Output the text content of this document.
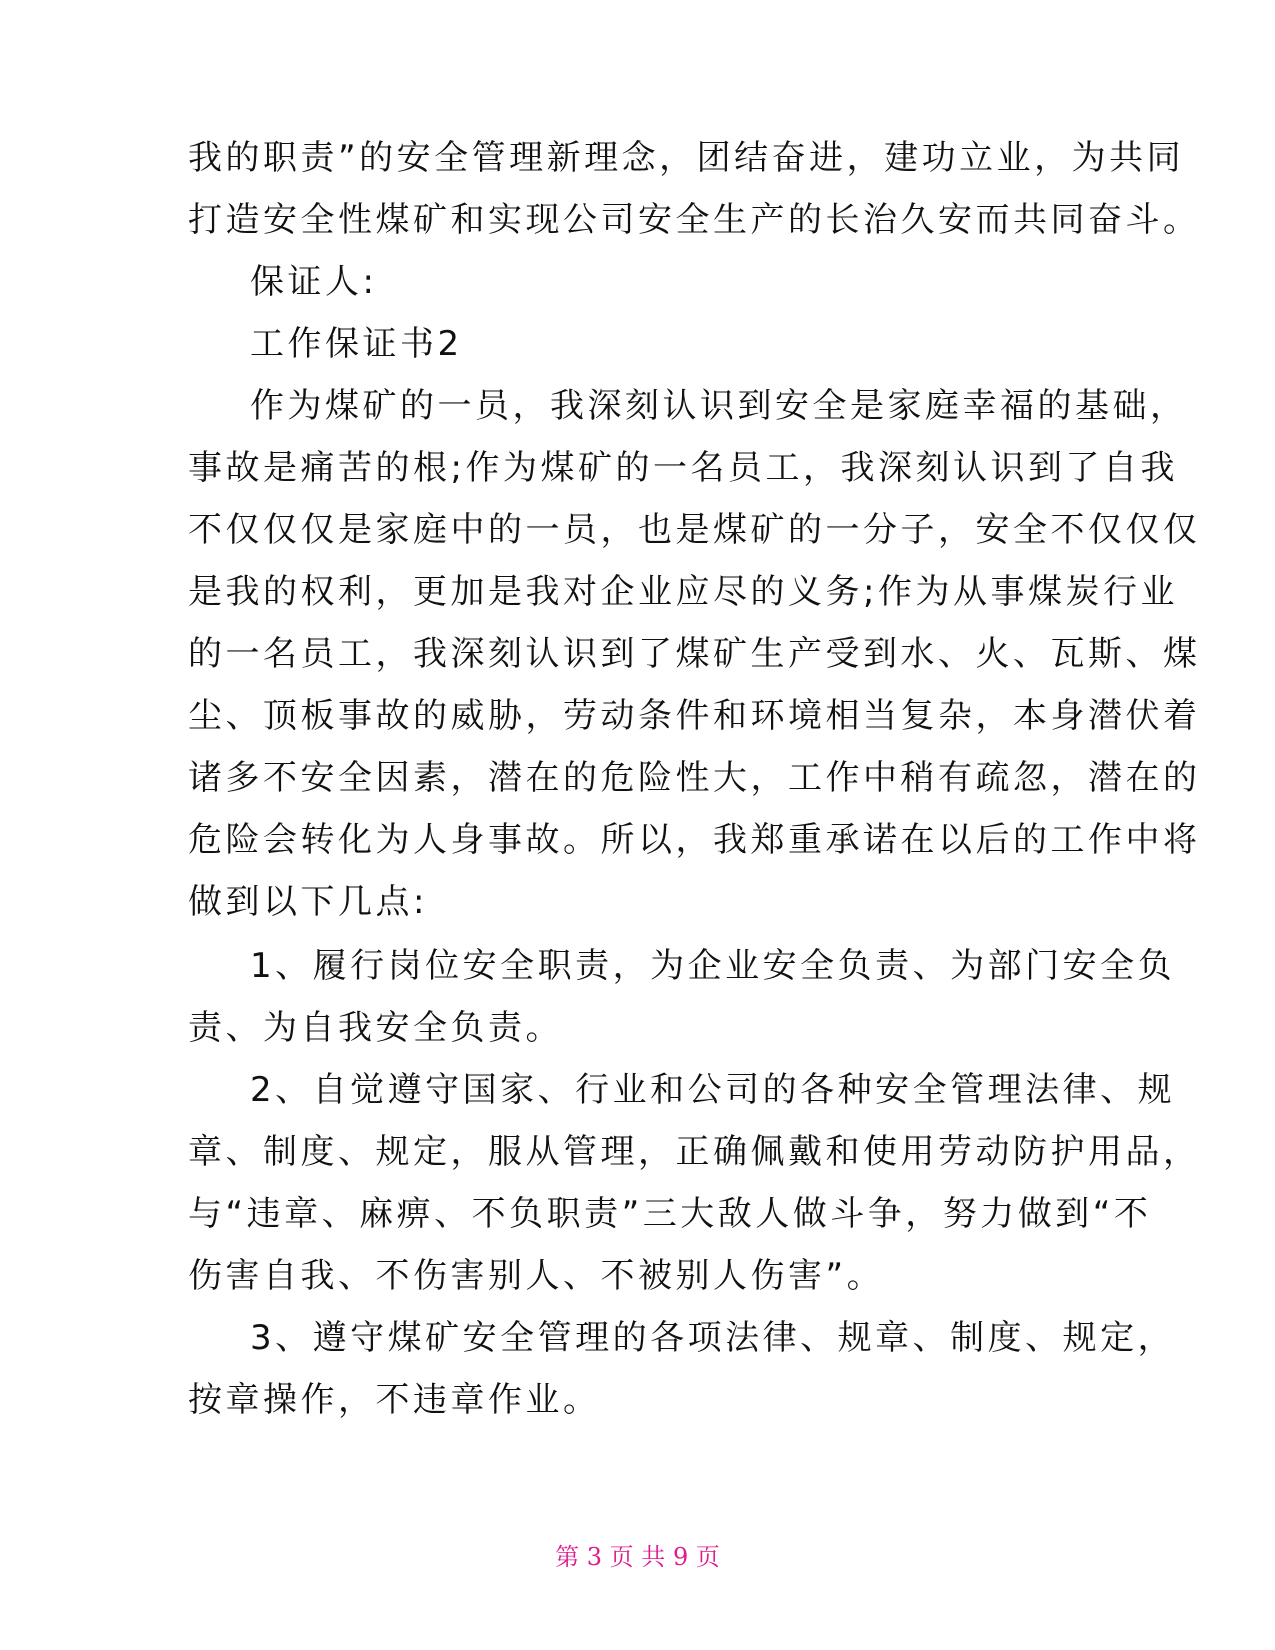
我的职责”的安全管理新理念，团结奋进，建功立业，为共同
打造安全性煤矿和实现公司安全生产的长治久安而共同奋斗。
保证人:
工作保证书2
作为煤矿的一员，我深刻认识到安全是家庭幸福的基础，
事故是痛苦的根;作为煤矿的一名员工，我深刻认识到了自我
不仅仅仅是家庭中的一员，也是煤矿的一分子，安全不仅仅仅
是我的权利，更加是我对企业应尽的义务;作为从事煤炭行业
的一名员工，我深刻认识到了煤矿生产受到水、火、瓦斯、煤
尘、顶板事故的威胁，劳动条件和环境相当复杂，本身潜伏着
诸多不安全因素，潜在的危险性大，工作中稍有疏忽，潜在的
危险会转化为人身事故。所以，我郑重承诺在以后的工作中将
做到以下几点:
1、履行岗位安全职责，为企业安全负责、为部门安全负
责、为自我安全负责。
2、自觉遵守国家、行业和公司的各种安全管理法律、规
章、制度、规定，服从管理，正确佩戴和使用劳动防护用品，
与“违章、麻痹、不负职责”三大敌人做斗争，努力做到“不
伤害自我、不伤害别人、不被别人伤害”。
3、遵守煤矿安全管理的各项法律、规章、制度、规定，
按章操作，不违章作业。
第 3 页 共 9 页
